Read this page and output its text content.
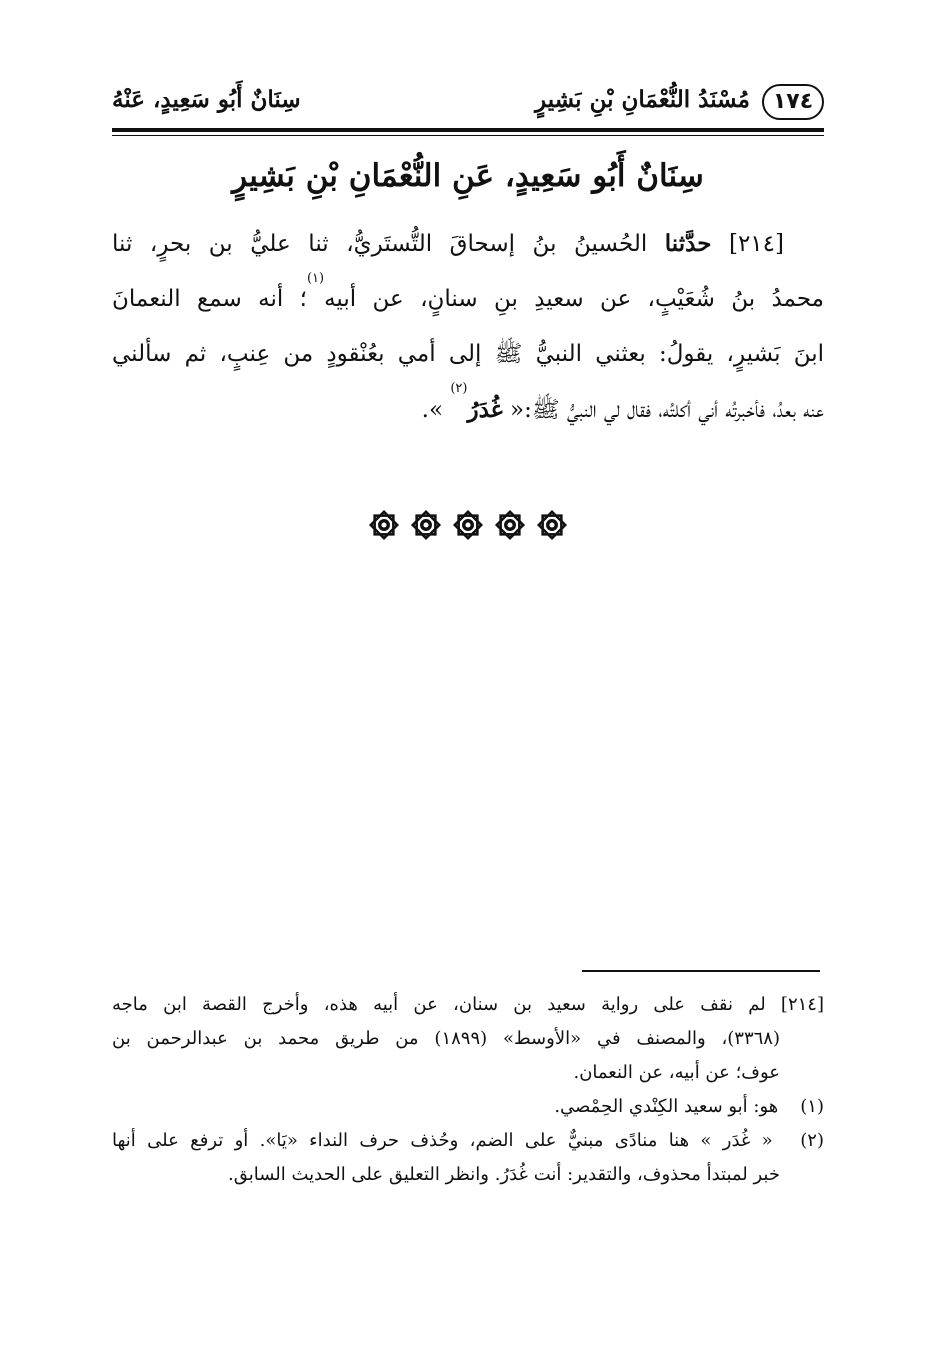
١٧٤
مُسْنَدُ النُّعْمَانِ بْنِ بَشِيرٍ
سِنَانٌ أَبُو سَعِيدٍ، عَنْهُ
سِنَانٌ أَبُو سَعِيدٍ، عَنِ النُّعْمَانِ بْنِ بَشِيرٍ
[٢١٤] حدَّثنا الحُسينُ بنُ إسحاقَ التُّستَريُّ، ثنا عليُّ بن بحرٍ، ثنا
محمدُ بنُ شُعَيْبٍ، عن سعيدِ بنِ سنانٍ، عن أبيه$^{(١)}$؛ أنه سمع النعمانَ
ابنَ بَشيرٍ، يقولُ: بعثني النبيُّ ﷺ إلى أمي بعُنْقودٍ من عِنبٍ، ثم سألني
عنه بعدُ، فأخبرتُه أني أكلتُه، فقال لي النبيُّ ﷺ:« غُدَرُ$^{(٢)}$ ».
[٢١٤] لم نقف على رواية سعيد بن سنان، عن أبيه هذه، وأخرج القصة ابن ماجه
(٣٣٦٨)، والمصنف في «الأوسط» (١٨٩٩) من طريق محمد بن عبدالرحمن بن
عوف؛ عن أبيه، عن النعمان.
(١) هو: أبو سعيد الكِنْدي الحِمْصي.
(٢) « غُدَر » هنا منادًى مبنيٌّ على الضم، وحُذف حرف النداء «يَا». أو ترفع على أنها
خبر لمبتدأ محذوف، والتقدير: أنت غُدَرُ. وانظر التعليق على الحديث السابق.
